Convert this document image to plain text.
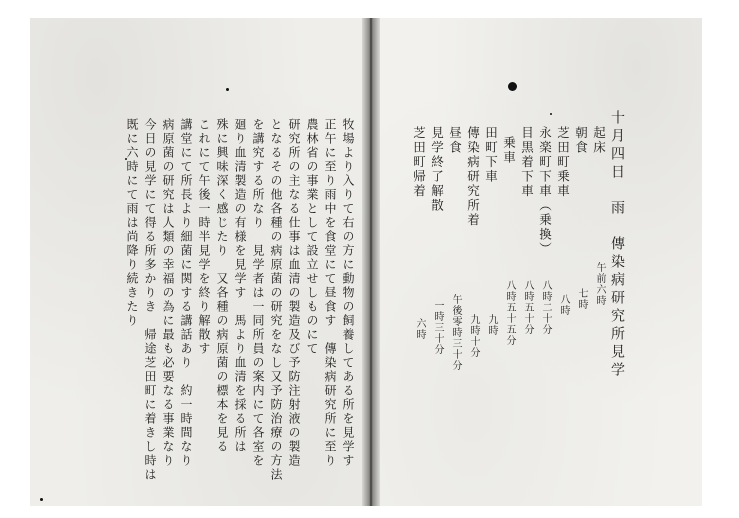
十月四日　雨　傳染病研究所見学
起床
朝食
芝田町乗車
永楽町下車（乗換）
目黒着下車
乗車
田町下車
傳染病研究所着
昼食
見学終了解散
芝田町帰着
午前六時
七時
八時
八時二十分
八時五十分
八時五十五分
九時
九時十分
午後零時三十分
一時三十分
六時
牧場より入りて右の方に動物の飼養してある所を見学す
正午に至り雨中を食堂にて昼食す　傳染病研究所に至り
農林省の事業として設立せしものにて
研究所の主なる仕事は血清の製造及び予防注射液の製造
となるその他各種の病原菌の研究をなし又予防治療の方法
を講究する所なり　見学者は一同所員の案内にて各室を
廻り血清製造の有様を見学す　馬より血清を採る所は
殊に興味深く感じたり　又各種の病原菌の標本を見る
これにて午後一時半見学を終り解散す
講堂にて所長より細菌に関する講話あり　約一時間なり
病原菌の研究は人類の幸福の為に最も必要なる事業なり
今日の見学にて得る所多かりき　帰途芝田町に着きし時は
既に六時にて雨は尚降り続きたり
